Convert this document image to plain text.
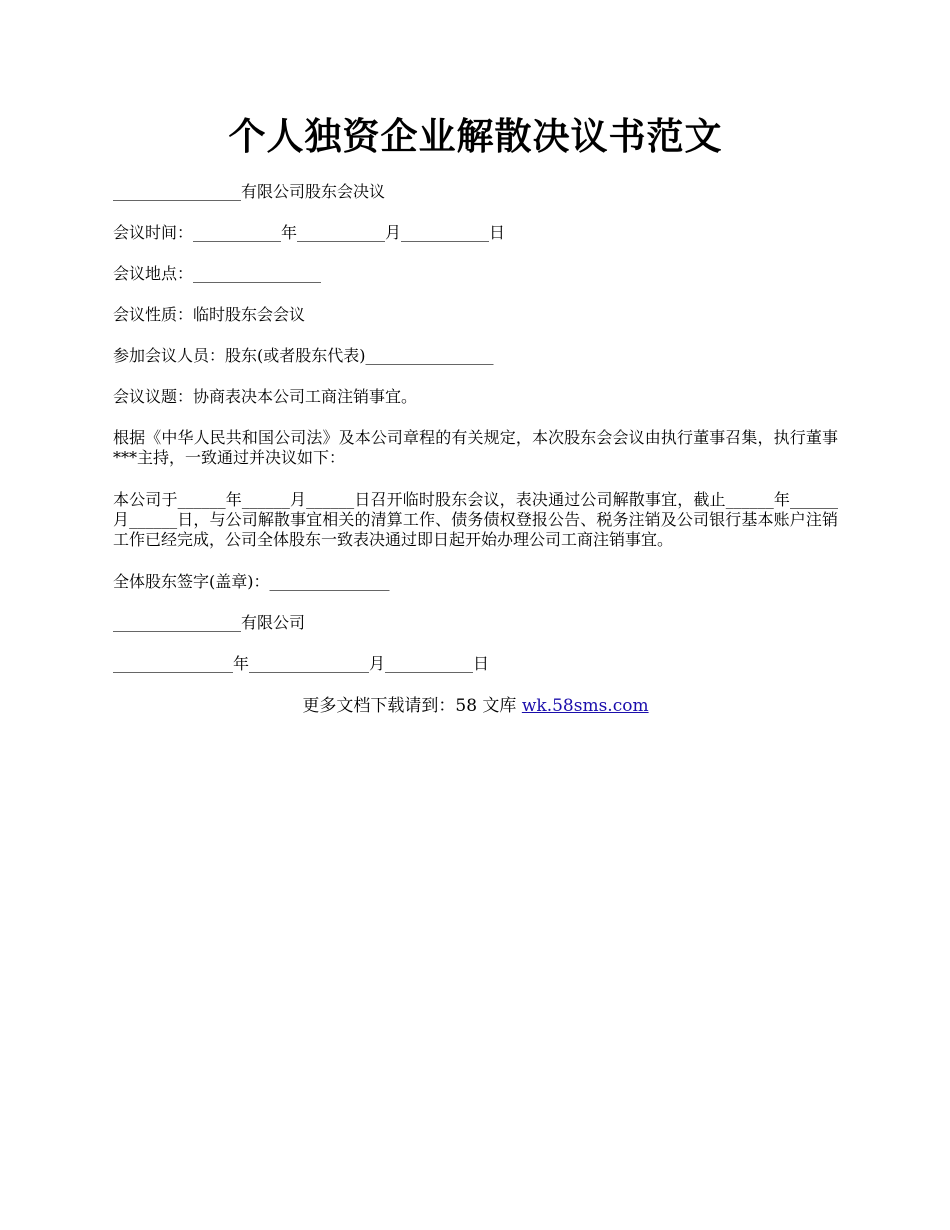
个人独资企业解散决议书范文

________________有限公司股东会决议

会议时间：___________年___________月___________日

会议地点：________________

会议性质：临时股东会会议

参加会议人员：股东(或者股东代表)________________

会议议题：协商表决本公司工商注销事宜。

根据《中华人民共和国公司法》及本公司章程的有关规定，本次股东会会议由执行董事召集，执行董事***主持，一致通过并决议如下：

本公司于______年______月______日召开临时股东会议，表决通过公司解散事宜，截止______年______月______日，与公司解散事宜相关的清算工作、债务债权登报公告、税务注销及公司银行基本账户注销工作已经完成，公司全体股东一致表决通过即日起开始办理公司工商注销事宜。

全体股东签字(盖章)：_______________

________________有限公司

_______________年_______________月___________日

更多文档下载请到：58 文库 wk.58sms.com
